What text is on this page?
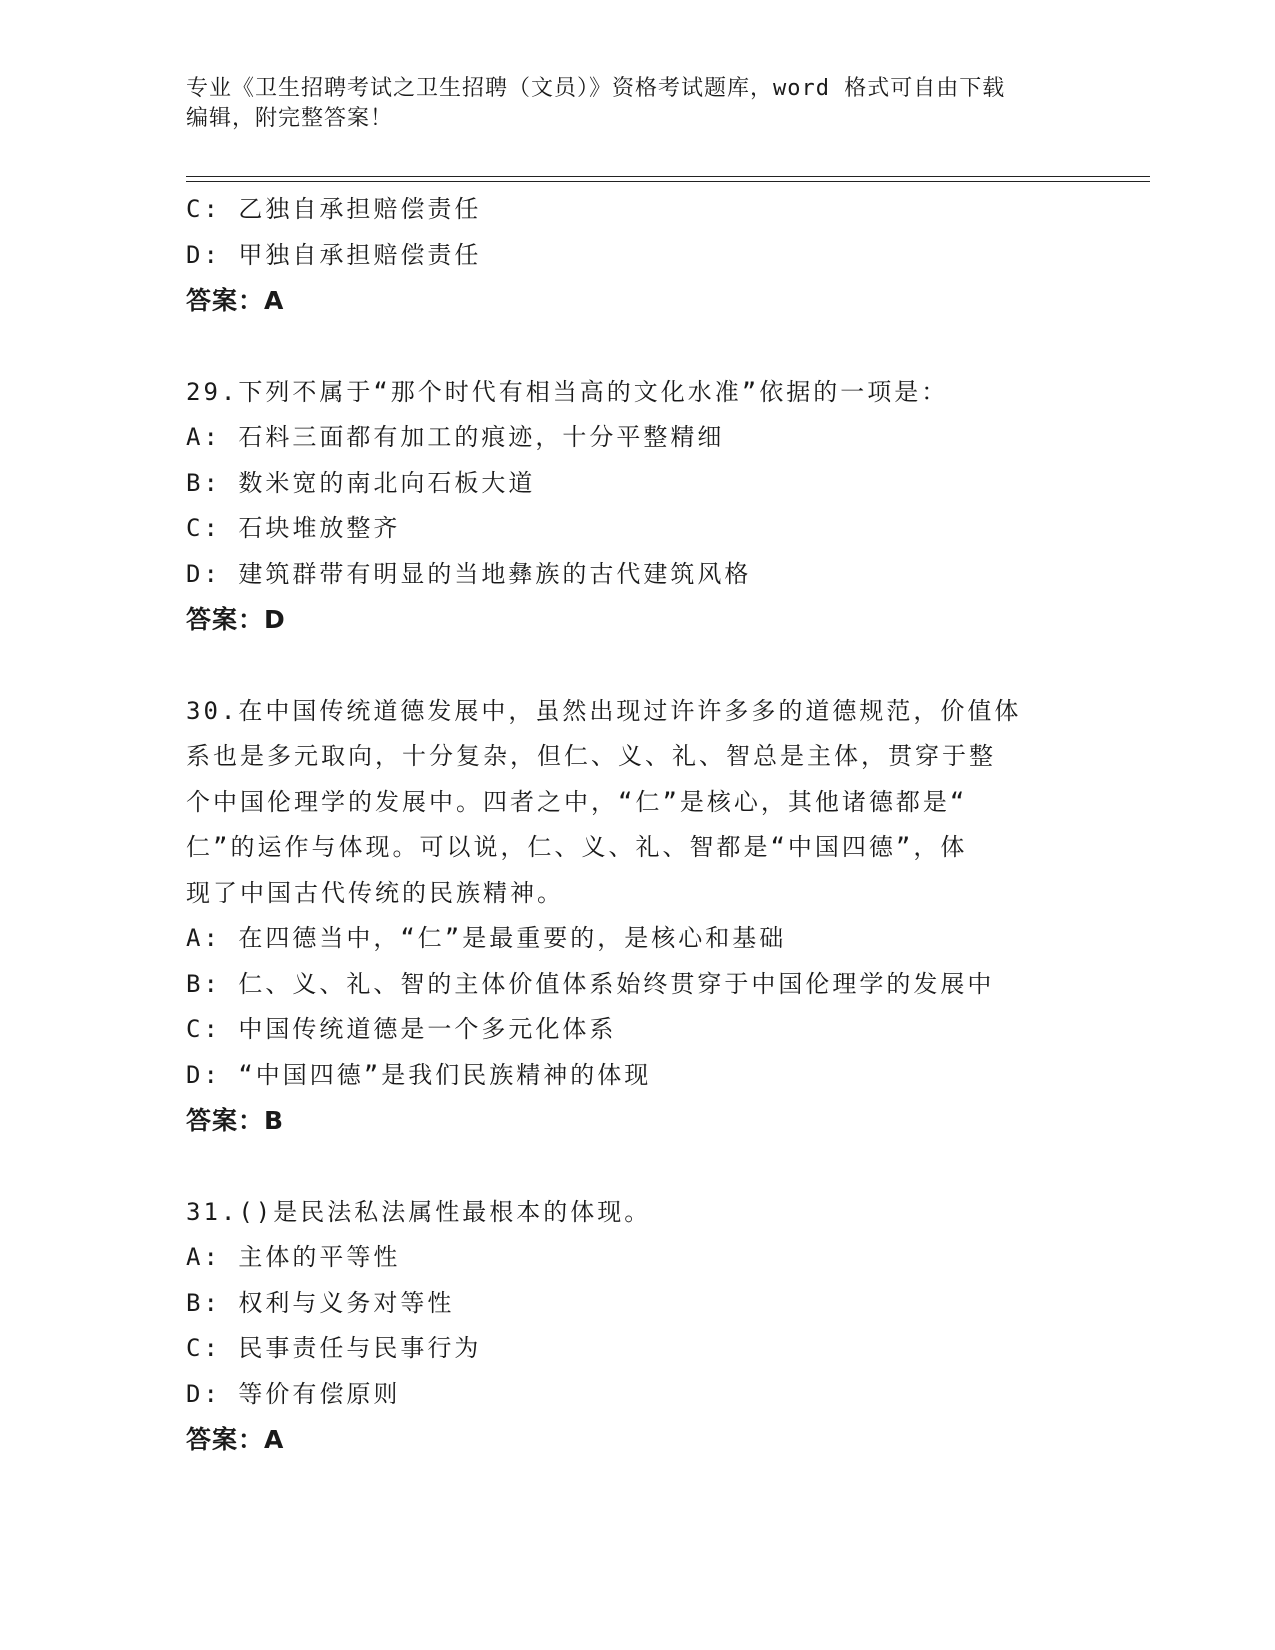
专业《卫生招聘考试之卫生招聘（文员）》资格考试题库，word 格式可自由下载
编辑，附完整答案！
C: 乙独自承担赔偿责任
D: 甲独自承担赔偿责任
答案：A
29.下列不属于“那个时代有相当高的文化水准”依据的一项是：
A: 石料三面都有加工的痕迹，十分平整精细
B: 数米宽的南北向石板大道
C: 石块堆放整齐
D: 建筑群带有明显的当地彝族的古代建筑风格
答案：D
30.在中国传统道德发展中，虽然出现过许许多多的道德规范，价值体
系也是多元取向，十分复杂，但仁、义、礼、智总是主体，贯穿于整
个中国伦理学的发展中。四者之中，“仁”是核心，其他诸德都是“
仁”的运作与体现。可以说，仁、义、礼、智都是“中国四德”，体
现了中国古代传统的民族精神。
A: 在四德当中，“仁”是最重要的，是核心和基础
B: 仁、义、礼、智的主体价值体系始终贯穿于中国伦理学的发展中
C: 中国传统道德是一个多元化体系
D: “中国四德”是我们民族精神的体现
答案：B
31.()是民法私法属性最根本的体现。
A: 主体的平等性
B: 权利与义务对等性
C: 民事责任与民事行为
D: 等价有偿原则
答案：A
